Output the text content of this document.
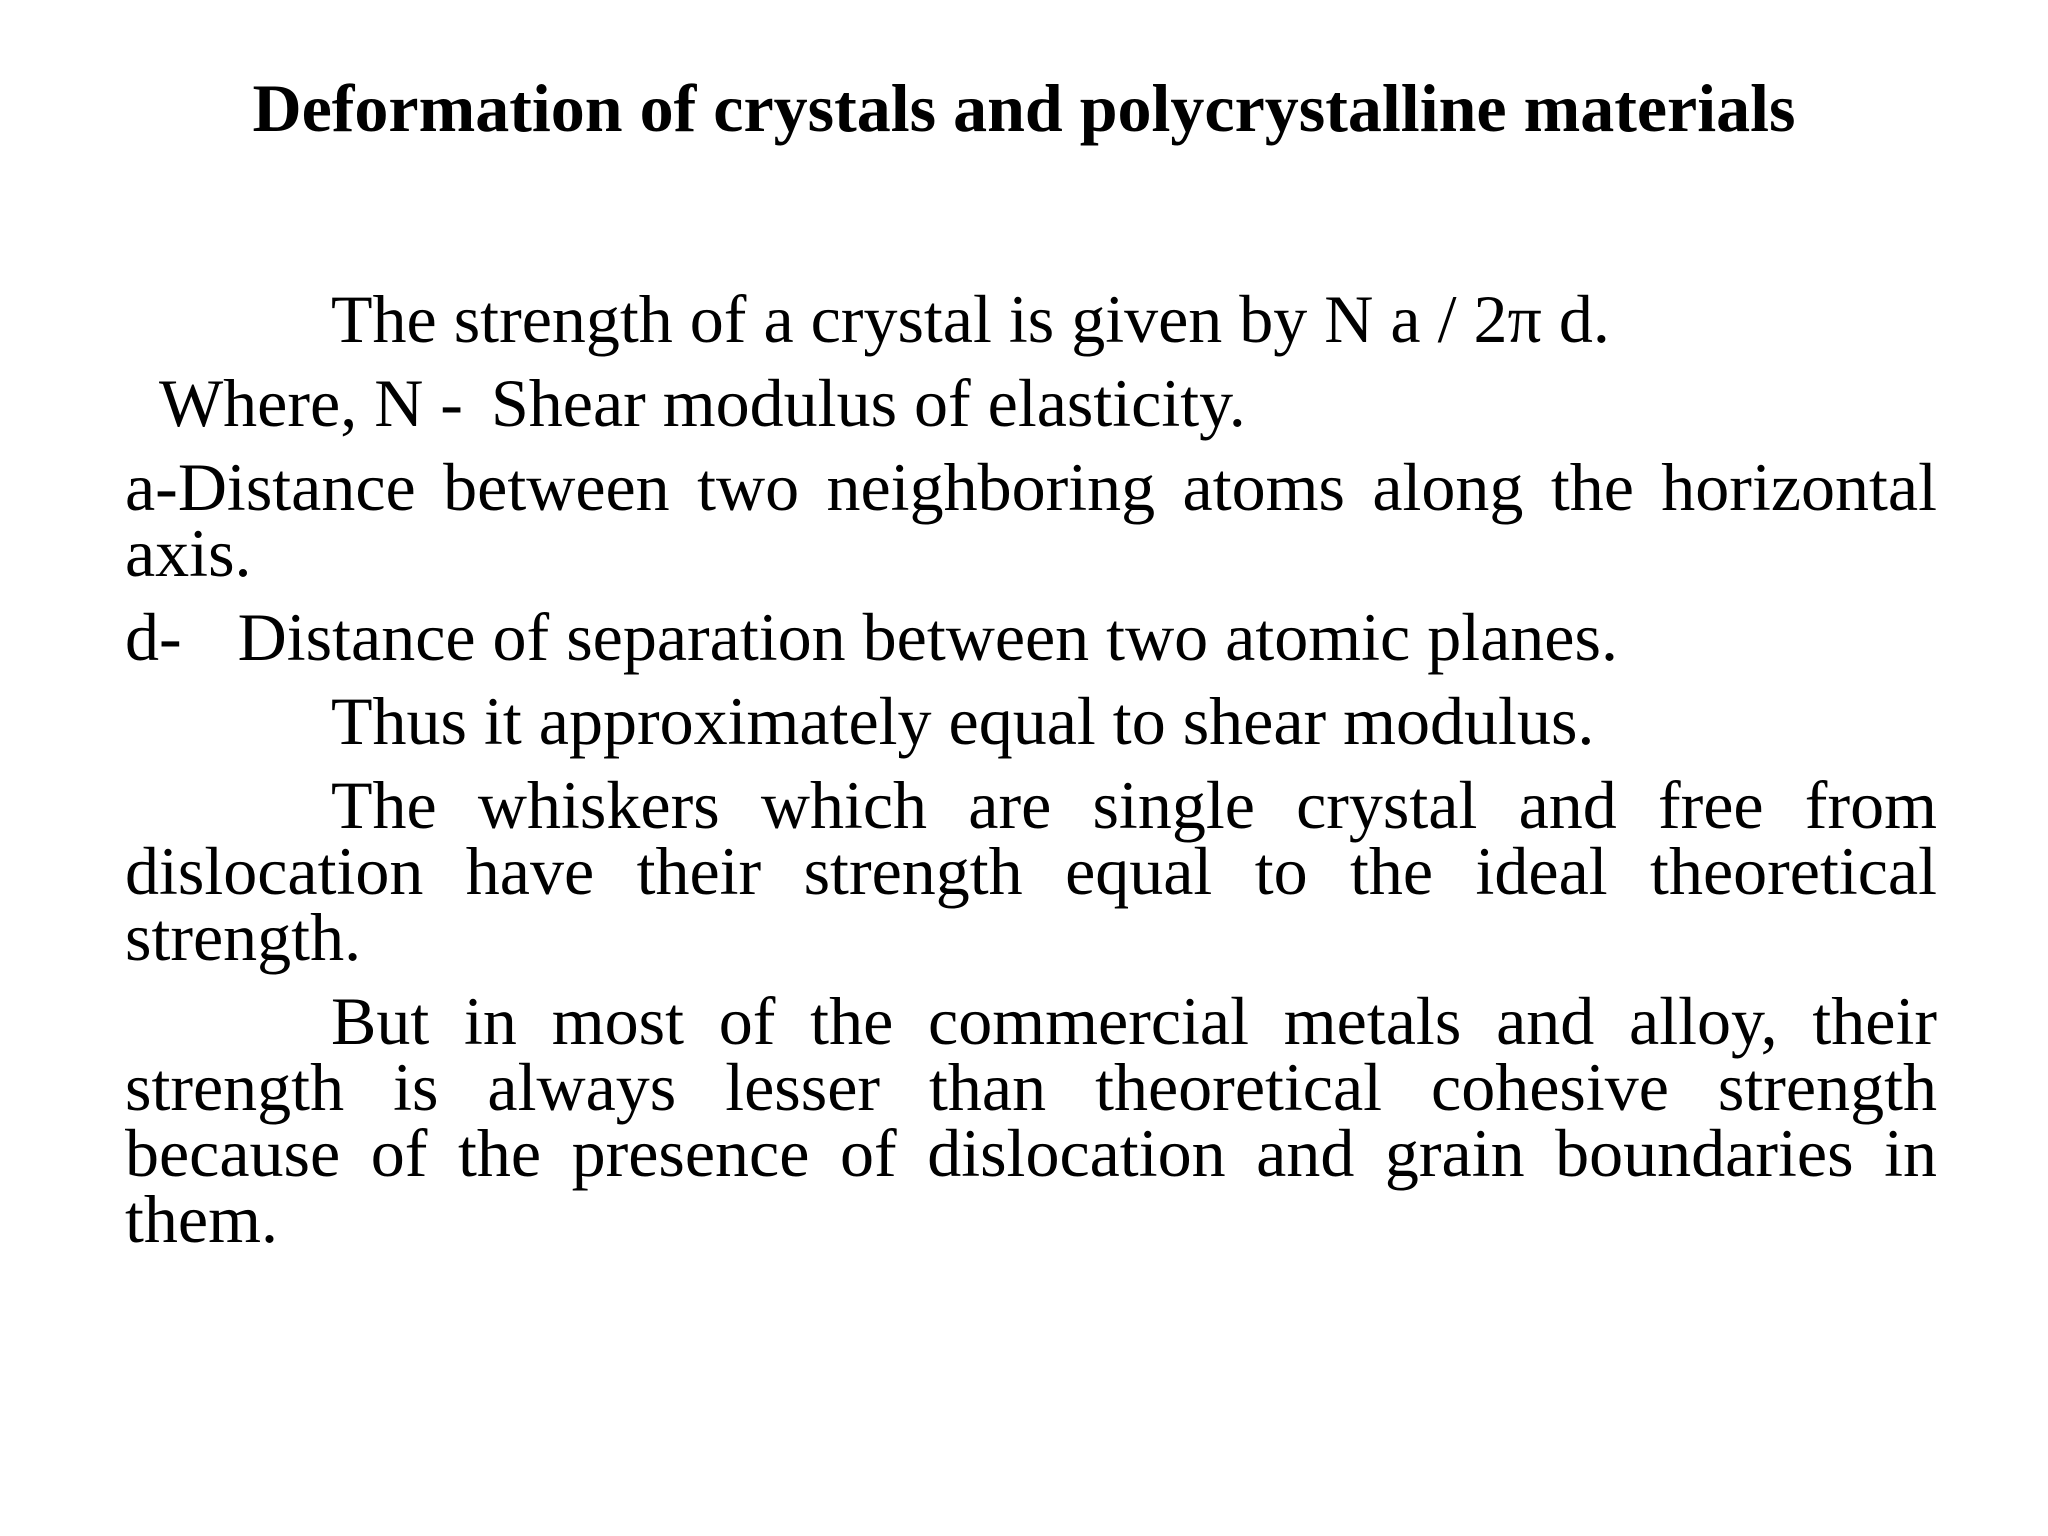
Deformation of crystals and polycrystalline materials

The strength of a crystal is given by N a / 2π d.

Where, N - Shear modulus of elasticity.

a-Distance between two neighboring atoms along the horizontal axis.

d- Distance of separation between two atomic planes.

Thus it approximately equal to shear modulus.

The whiskers which are single crystal and free from dislocation have their strength equal to the ideal theoretical strength.

But in most of the commercial metals and alloy, their strength is always lesser than theoretical cohesive strength because of the presence of dislocation and grain boundaries in them.
